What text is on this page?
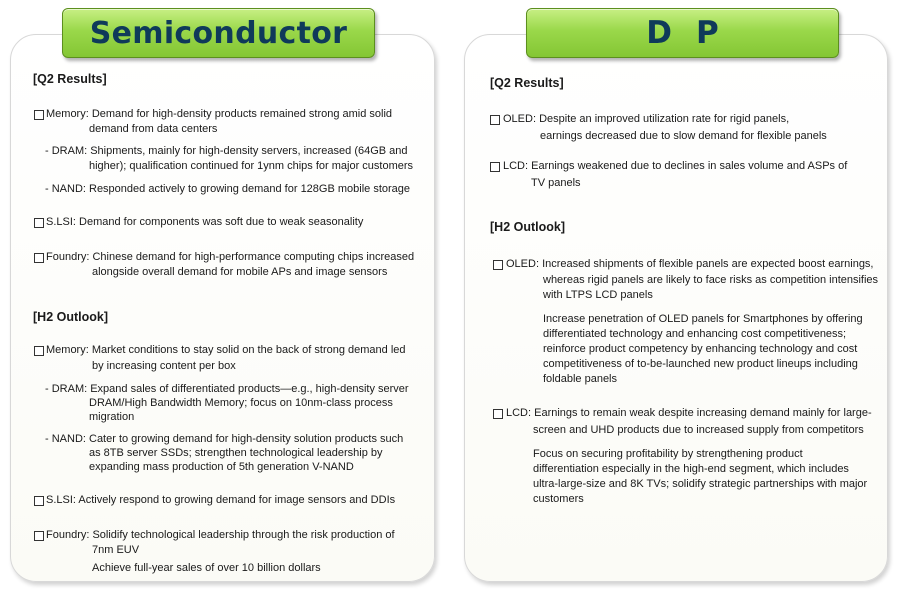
Semiconductor	DP
[Q2 Results]
Memory: Demand for high-density products remained strong amid solid
demand from data centers
- DRAM: Shipments, mainly for high-density servers, increased (64GB and
higher); qualification continued for 1ynm chips for major customers
- NAND: Responded actively to growing demand for 128GB mobile storage
S.LSI: Demand for components was soft due to weak seasonality
Foundry: Chinese demand for high-performance computing chips increased
alongside overall demand for mobile APs and image sensors
[H2 Outlook]
Memory: Market conditions to stay solid on the back of strong demand led
by increasing content per box
- DRAM: Expand sales of differentiated products—e.g., high-density server
DRAM/High Bandwidth Memory; focus on 10nm-class process
migration
- NAND: Cater to growing demand for high-density solution products such
as 8TB server SSDs; strengthen technological leadership by
expanding mass production of 5th generation V-NAND
S.LSI: Actively respond to growing demand for image sensors and DDIs
Foundry: Solidify technological leadership through the risk production of
7nm EUV
Achieve full-year sales of over 10 billion dollars
[Q2 Results]
OLED: Despite an improved utilization rate for rigid panels,
earnings decreased due to slow demand for flexible panels
LCD: Earnings weakened due to declines in sales volume and ASPs of
TV panels
[H2 Outlook]
OLED: Increased shipments of flexible panels are expected boost earnings,
whereas rigid panels are likely to face risks as competition intensifies
with LTPS LCD panels
Increase penetration of OLED panels for Smartphones by offering
differentiated technology and enhancing cost competitiveness;
reinforce product competency by enhancing technology and cost
competitiveness of to-be-launched new product lineups including
foldable panels
LCD: Earnings to remain weak despite increasing demand mainly for large-
screen and UHD products due to increased supply from competitors
Focus on securing profitability by strengthening product
differentiation especially in the high-end segment, which includes
ultra-large-size and 8K TVs; solidify strategic partnerships with major
customers
